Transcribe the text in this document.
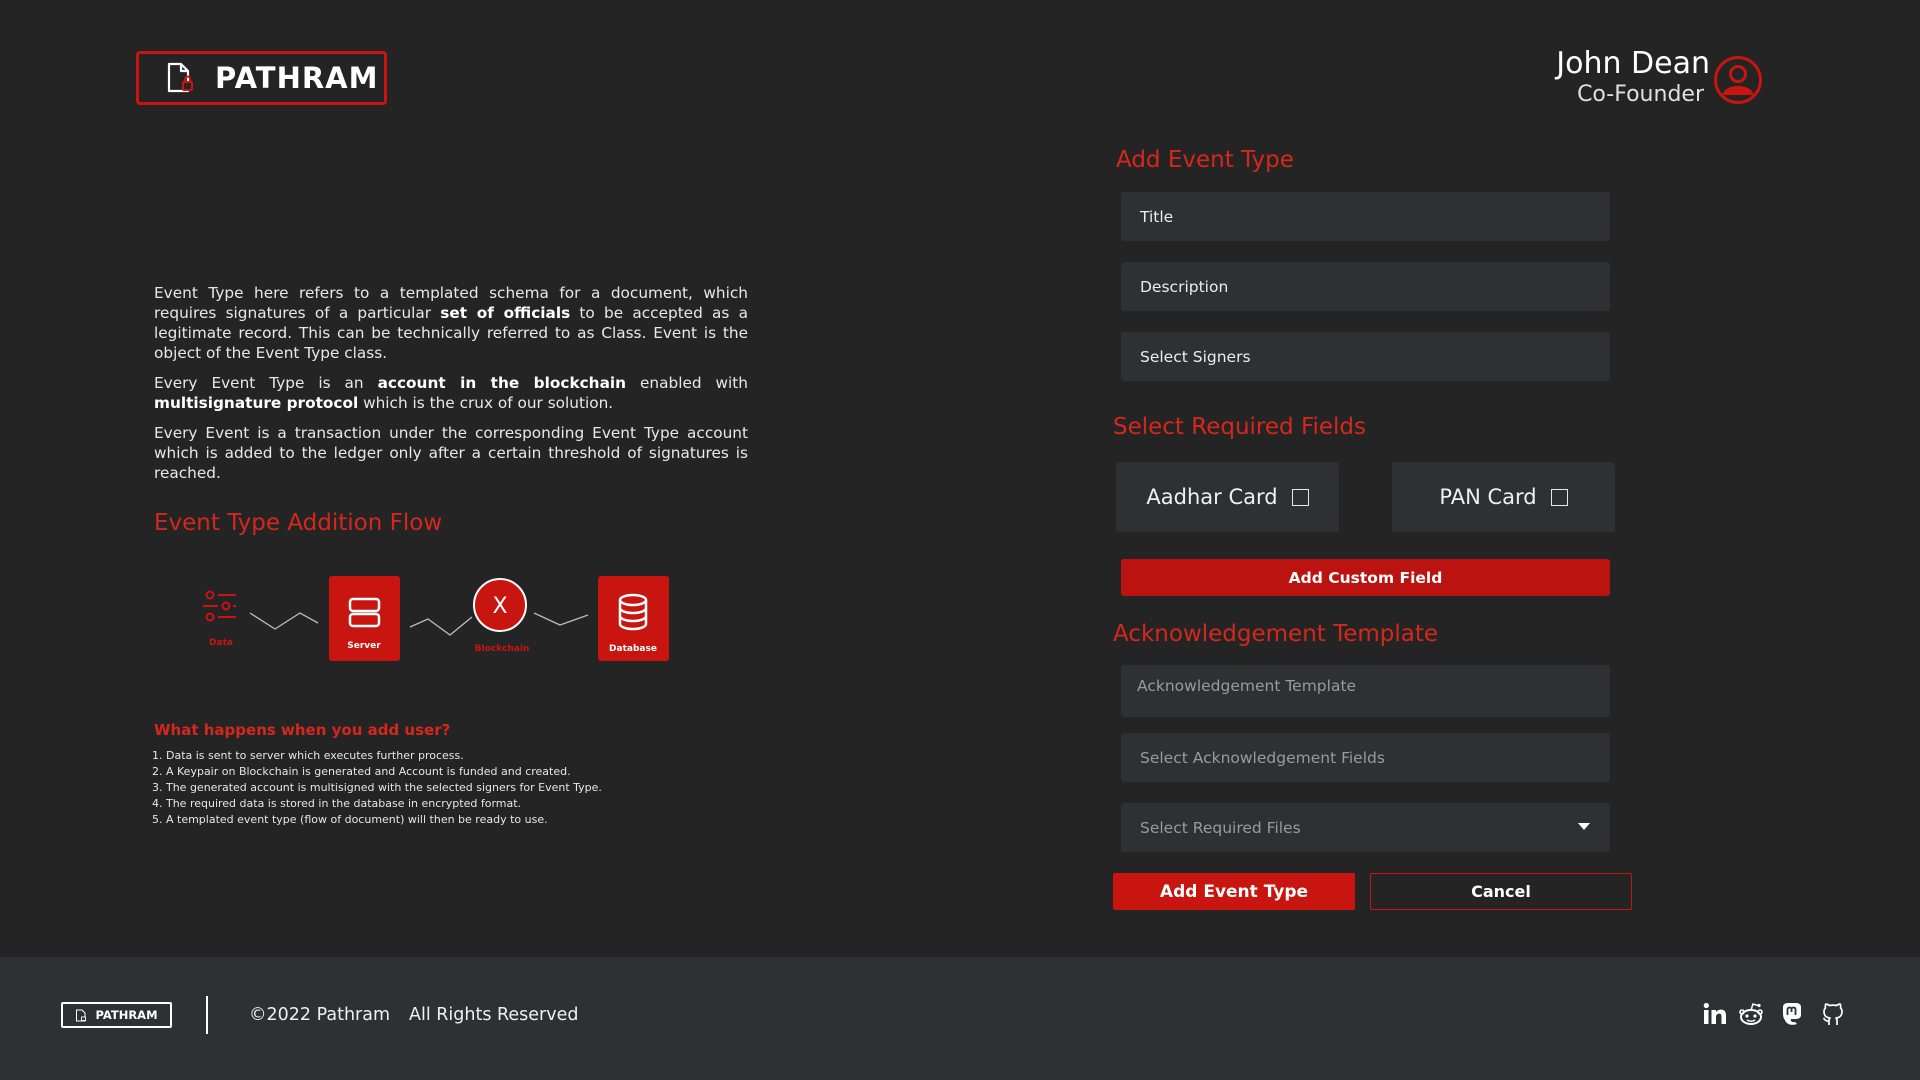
PATHRAM	John Dean
Co-Founder

Event Type here refers to a templated schema for a document, which requires signatures of a particular set of officials to be accepted as a legitimate record. This can be technically referred to as Class. Event is the object of the Event Type class.

Every Event Type is an account in the blockchain enabled with multisignature protocol which is the crux of our solution.

Every Event is a transaction under the corresponding Event Type account which is added to the ledger only after a certain threshold of signatures is reached.

Event Type Addition Flow
Data	Server
X
Blockchain	Database
What happens when you add user?
1. Data is sent to server which executes further process.
2. A Keypair on Blockchain is generated and Account is funded and created.
3. The generated account is multisigned with the selected signers for Event Type.
4. The required data is stored in the database in encrypted format.
5. A templated event type (flow of document) will then be ready to use.
Add Event Type
Title
Description
Select Signers
Select Required Fields
Aadhar Card	PAN Card
Add Custom Field
Acknowledgement Template
Acknowledgement Template
Select Acknowledgement Fields
Select Required Files
Add Event Type	Cancel
PATHRAM	©2022 Pathram All Rights Reserved
